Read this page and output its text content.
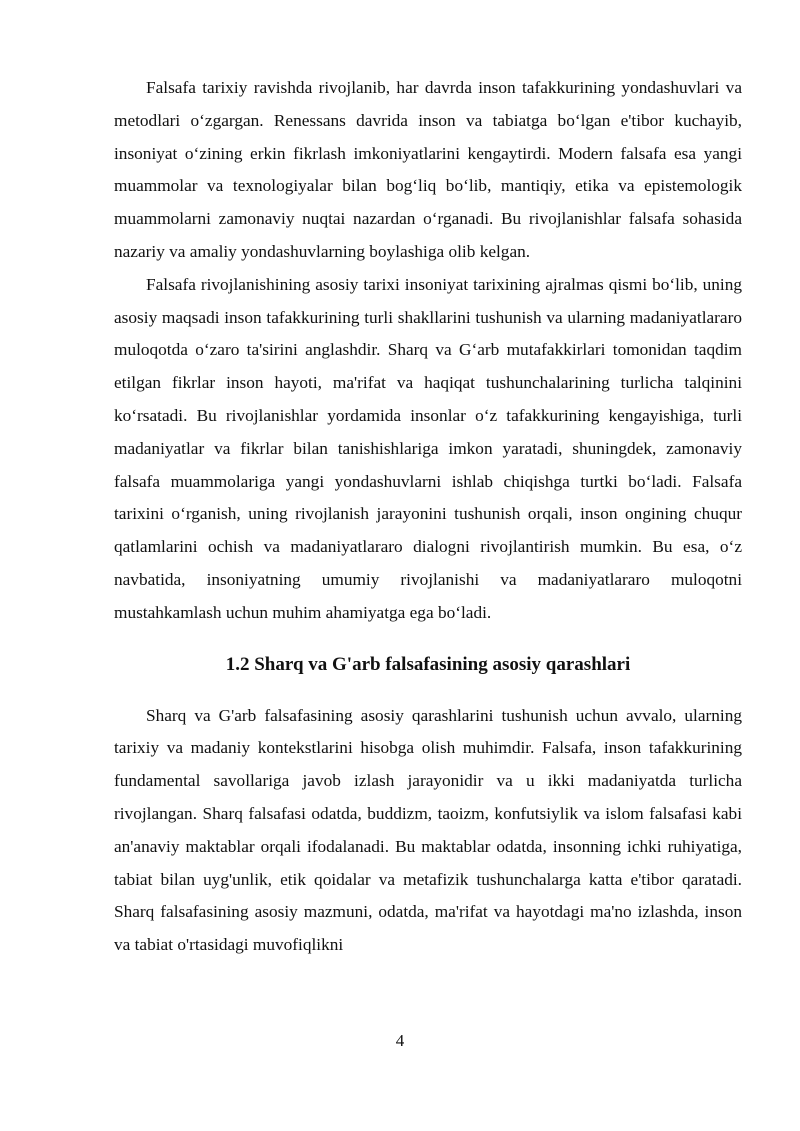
Falsafa tarixiy ravishda rivojlanib, har davrda inson tafakkurining yondashuvlari va metodlari oʻzgargan. Renessans davrida inson va tabiatga boʻlgan e'tibor kuchayib, insoniyat oʻzining erkin fikrlash imkoniyatlarini kengaytirdi. Modern falsafa esa yangi muammolar va texnologiyalar bilan bogʻliq boʻlib, mantiqiy, etika va epistemologik muammolarni zamonaviy nuqtai nazardan oʻrganadi. Bu rivojlanishlar falsafa sohasida nazariy va amaliy yondashuvlarning boylashiga olib kelgan.

Falsafa rivojlanishining asosiy tarixi insoniyat tarixining ajralmas qismi boʻlib, uning asosiy maqsadi inson tafakkurining turli shakllarini tushunish va ularning madaniyatlararo muloqotda oʻzaro ta'sirini anglashdir. Sharq va Gʻarb mutafakkirlari tomonidan taqdim etilgan fikrlar inson hayoti, ma'rifat va haqiqat tushunchalarining turlicha talqinini koʻrsatadi. Bu rivojlanishlar yordamida insonlar oʻz tafakkurining kengayishiga, turli madaniyatlar va fikrlar bilan tanishishlariga imkon yaratadi, shuningdek, zamonaviy falsafa muammolariga yangi yondashuvlarni ishlab chiqishga turtki boʻladi. Falsafa tarixini oʻrganish, uning rivojlanish jarayonini tushunish orqali, inson ongining chuqur qatlamlarini ochish va madaniyatlararo dialogni rivojlantirish mumkin. Bu esa, oʻz navbatida, insoniyatning umumiy rivojlanishi va madaniyatlararo muloqotni mustahkamlash uchun muhim ahamiyatga ega boʻladi.

1.2 Sharq va G'arb falsafasining asosiy qarashlari

Sharq va G'arb falsafasining asosiy qarashlarini tushunish uchun avvalo, ularning tarixiy va madaniy kontekstlarini hisobga olish muhimdir. Falsafa, inson tafakkurining fundamental savollariga javob izlash jarayonidir va u ikki madaniyatda turlicha rivojlangan. Sharq falsafasi odatda, buddizm, taoizm, konfutsiylik va islom falsafasi kabi an'anaviy maktablar orqali ifodalanadi. Bu maktablar odatda, insonning ichki ruhiyatiga, tabiat bilan uyg'unlik, etik qoidalar va metafizik tushunchalarga katta e'tibor qaratadi. Sharq falsafasining asosiy mazmuni, odatda, ma'rifat va hayotdagi ma'no izlashda, inson va tabiat o'rtasidagi muvofiqlikni

4
